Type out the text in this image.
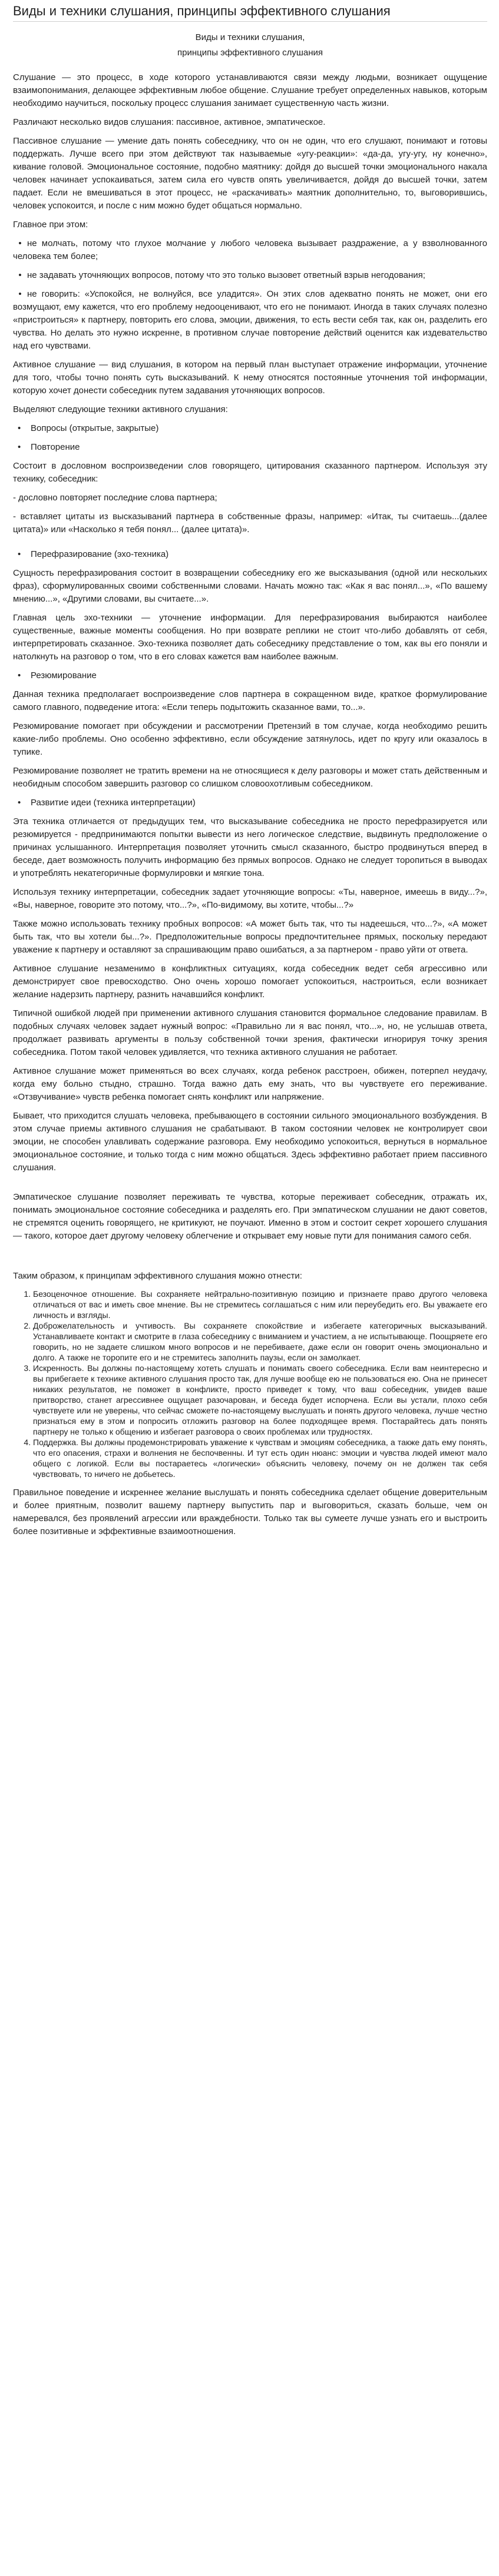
Виды и техники слушания, принципы эффективного слушания

Виды и техники слушания,

принципы эффективного слушания

Слушание — это процесс, в ходе которого устанавливаются связи между людьми, возникает ощущение взаимопонимания, делающее эффективным любое общение. Слушание требует определенных навыков, которым необходимо научиться, поскольку процесс слушания занимает существенную часть жизни.

Различают несколько видов слушания: пассивное, активное, эмпатическое.

Пассивное слушание — умение дать понять собеседнику, что он не один, что его слушают, понимают и готовы поддержать. Лучше всего при этом действуют так называемые «угу-реакции»: «да-да, угу-угу, ну конечно», кивание головой. Эмоциональное состояние, подобно маятнику: дойдя до высшей точки эмоционального накала человек начинает успокаиваться, затем сила его чувств опять увеличивается, дойдя до высшей точки, затем падает. Если не вмешиваться в этот процесс, не «раскачивать» маятник дополнительно, то, выговорившись, человек успокоится, и после с ним можно будет общаться нормально.

Главное при этом:

• не молчать, потому что глухое молчание у любого человека вызывает раздражение, а у взволнованного человека тем более;

• не задавать уточняющих вопросов, потому что это только вызовет ответный взрыв негодования;

• не говорить: «Успокойся, не волнуйся, все уладится». Он этих слов адекватно понять не может, они его возмущают, ему кажется, что его проблему недооценивают, что его не понимают. Иногда в таких случаях полезно «пристроиться» к партнеру, повторить его слова, эмоции, движения, то есть вести себя так, как он, разделить его чувства. Но делать это нужно искренне, в противном случае повторение действий оценится как издевательство над его чувствами.

Активное слушание — вид слушания, в котором на первый план выступает отражение информации, уточнение для того, чтобы точно понять суть высказываний. К нему относятся постоянные уточнения той информации, которую хочет донести собеседник путем задавания уточняющих вопросов.

Выделяют следующие техники активного слушания:

• Вопросы (открытые, закрытые)

• Повторение

Состоит в дословном воспроизведении слов говорящего, цитирования сказанного партнером. Используя эту технику, собеседник:

- дословно повторяет последние слова партнера;

- вставляет цитаты из высказываний партнера в собственные фразы, например: «Итак, ты считаешь...(далее цитата)» или «Насколько я тебя понял... (далее цитата)».

• Перефразирование (эхо-техника)

Сущность перефразирования состоит в возвращении собеседнику его же высказывания (одной или нескольких фраз), сформулированных своими собственными словами. Начать можно так: «Как я вас понял...», «По вашему мнению...», «Другими словами, вы считаете...».

Главная цель эхо-техники — уточнение информации. Для перефразирования выбираются наиболее существенные, важные моменты сообщения. Но при возврате реплики не стоит что-либо добавлять от себя, интерпретировать сказанное. Эхо-техника позволяет дать собеседнику представление о том, как вы его поняли и натолкнуть на разговор о том, что в его словах кажется вам наиболее важным.

• Резюмирование

Данная техника предполагает воспроизведение слов партнера в сокращенном виде, краткое формулирование самого главного, подведение итога: «Если теперь подытожить сказанное вами, то...».

Резюмирование помогает при обсуждении и рассмотрении Претензий в том случае, когда необходимо решить какие-либо проблемы. Оно особенно эффективно, если обсуждение затянулось, идет по кругу или оказалось в тупике.

Резюмирование позволяет не тратить времени на не относящиеся к делу разговоры и может стать действенным и необидным способом завершить разговор со слишком словоохотливым собеседником.

• Развитие идеи (техника интерпретации)

Эта техника отличается от предыдущих тем, что высказывание собеседника не просто перефразируется или резюмируется - предпринимаются попытки вывести из него логическое следствие, выдвинуть предположение о причинах услышанного. Интерпретация позволяет уточнить смысл сказанного, быстро продвинуться вперед в беседе, дает возможность получить информацию без прямых вопросов. Однако не следует торопиться в выводах и употреблять некатегоричные формулировки и мягкие тона.

Используя технику интерпретации, собеседник задает уточняющие вопросы: «Ты, наверное, имеешь в виду...?», «Вы, наверное, говорите это потому, что...?», «По-видимому, вы хотите, чтобы...?»

Также можно использовать технику пробных вопросов: «А может быть так, что ты надеешься, что...?», «А может быть так, что вы хотели бы...?». Предположительные вопросы предпочтительнее прямых, поскольку передают уважение к партнеру и оставляют за спрашивающим право ошибаться, а за партнером - право уйти от ответа.

Активное слушание незаменимо в конфликтных ситуациях, когда собеседник ведет себя агрессивно или демонстрирует свое превосходство. Оно очень хорошо помогает успокоиться, настроиться, если возникает желание надерзить партнеру, разнить начавшийся конфликт.

Типичной ошибкой людей при применении активного слушания становится формальное следование правилам. В подобных случаях человек задает нужный вопрос: «Правильно ли я вас понял, что...», но, не услышав ответа, продолжает развивать аргументы в пользу собственной точки зрения, фактически игнорируя точку зрения собеседника. Потом такой человек удивляется, что техника активного слушания не работает.

Активное слушание может применяться во всех случаях, когда ребенок расстроен, обижен, потерпел неудачу, когда ему больно стыдно, страшно. Тогда важно дать ему знать, что вы чувствуете его переживание. «Отзвучивание» чувств ребенка помогает снять конфликт или напряжение.

Бывает, что приходится слушать человека, пребывающего в состоянии сильного эмоционального возбуждения. В этом случае приемы активного слушания не срабатывают. В таком состоянии человек не контролирует свои эмоции, не способен улавливать содержание разговора. Ему необходимо успокоиться, вернуться в нормальное эмоциональное состояние, и только тогда с ним можно общаться. Здесь эффективно работает прием пассивного слушания.

Эмпатическое слушание позволяет переживать те чувства, которые переживает собеседник, отражать их, понимать эмоциональное состояние собеседника и разделять его. При эмпатическом слушании не дают советов, не стремятся оценить говорящего, не критикуют, не поучают. Именно в этом и состоит секрет хорошего слушания — такого, которое дает другому человеку облегчение и открывает ему новые пути для понимания самого себя.

Таким образом, к принципам эффективного слушания можно отнести:

1. Безоценочное отношение. Вы сохраняете нейтрально-позитивную позицию и признаете право другого человека отличаться от вас и иметь свое мнение. Вы не стремитесь соглашаться с ним или переубедить его. Вы уважаете его личность и взгляды.
2. Доброжелательность и учтивость. Вы сохраняете спокойствие и избегаете категоричных высказываний. Устанавливаете контакт и смотрите в глаза собеседнику с вниманием и участием, а не испытывающе. Поощряете его говорить, но не задаете слишком много вопросов и не перебиваете, даже если он говорит очень эмоционально и долго. А также не торопите его и не стремитесь заполнить паузы, если он замолкает.
3. Искренность. Вы должны по-настоящему хотеть слушать и понимать своего собеседника. Если вам неинтересно и вы прибегаете к технике активного слушания просто так, для лучше вообще ею не пользоваться ею. Она не принесет никаких результатов, не поможет в конфликте, просто приведет к тому, что ваш собеседник, увидев ваше притворство, станет агрессивнее ощущает разочарован, и беседа будет испорчена. Если вы устали, плохо себя чувствуете или не уверены, что сейчас сможете по-настоящему выслушать и понять другого человека, лучше честно признаться ему в этом и попросить отложить разговор на более подходящее время. Постарайтесь дать понять партнеру не только к общению и избегает разговора о своих проблемах или трудностях.
4. Поддержка. Вы должны продемонстрировать уважение к чувствам и эмоциям собеседника, а также дать ему понять, что его опасения, страхи и волнения не беспочвенны. И тут есть один нюанс: эмоции и чувства людей имеют мало общего с логикой. Если вы постараетесь «логически» объяснить человеку, почему он не должен так себя чувствовать, то ничего не добьетесь.

Правильное поведение и искреннее желание выслушать и понять собеседника сделает общение доверительным и более приятным, позволит вашему партнеру выпустить пар и выговориться, сказать больше, чем он намеревался, без проявлений агрессии или враждебности. Только так вы сумеете лучше узнать его и выстроить более позитивные и эффективные взаимоотношения.
